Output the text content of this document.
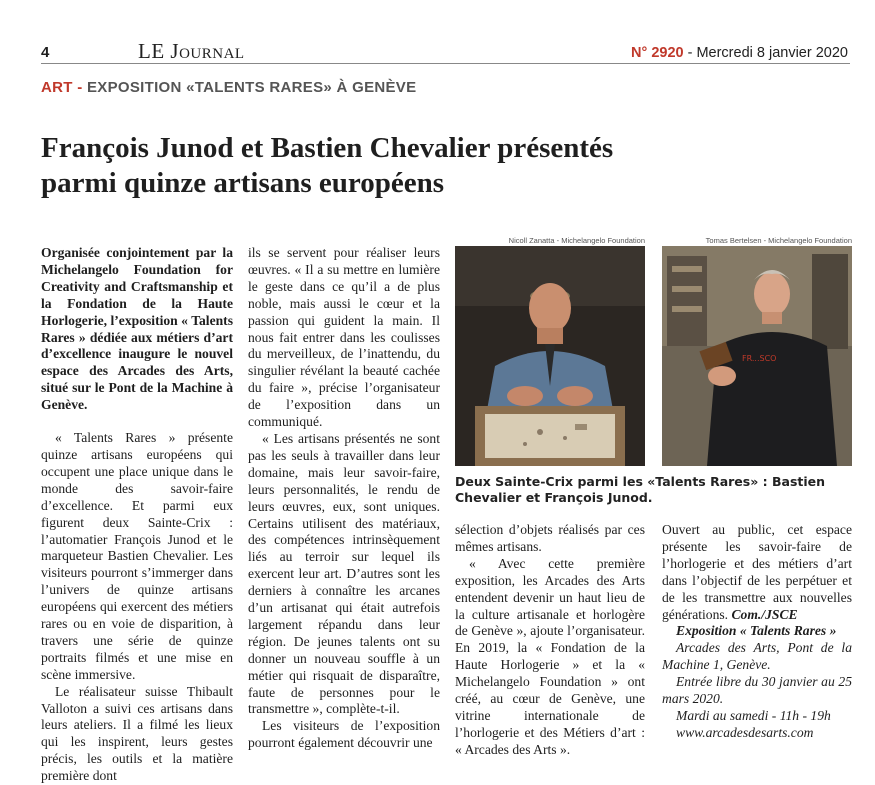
4	LE JOURNAL	N° 2920 - Mercredi 8 janvier 2020
ART - EXPOSITION «TALENTS RARES» À GENÈVE
François Junod et Bastien Chevalier présentés
parmi quinze artisans européens

Organisée conjointement par la Michelangelo Foundation for Creativity and Craftsmanship et la Fondation de la Haute Horlogerie, l’exposition « Talents Rares » dédiée aux métiers d’art d’excellence inaugure le nouvel espace des Arcades des Arts, situé sur le Pont de la Machine à Genève.

« Talents Rares » présente quinze artisans européens qui occupent une place unique dans le monde des savoir-faire d’excellence. Et parmi eux figurent deux Sainte-Crix : l’automatier François Junod et le marqueteur Bastien Chevalier. Les visiteurs pourront s’immerger dans l’univers de quinze artisans européens qui exercent des métiers rares ou en voie de disparition, à travers une série de quinze portraits filmés et une mise en scène immersive.

Le réalisateur suisse Thibault Valloton a suivi ces artisans dans leurs ateliers. Il a filmé les lieux qui les inspirent, leurs gestes précis, les outils et la matière première dont

ils se servent pour réaliser leurs œuvres. « Il a su mettre en lumière le geste dans ce qu’il a de plus noble, mais aussi le cœur et la passion qui guident la main. Il nous fait entrer dans les coulisses du merveilleux, de l’inattendu, du singulier révélant la beauté cachée du faire », précise l’organisateur de l’exposition dans un communiqué.

« Les artisans présentés ne sont pas les seuls à travailler dans leur domaine, mais leur savoir-faire, leurs personnalités, le rendu de leurs œuvres, eux, sont uniques. Certains utilisent des matériaux, des compétences intrinsèquement liés au terroir sur lequel ils exercent leur art. D’autres sont les derniers à connaître les arcanes d’un artisanat qui était autrefois largement répandu dans leur région. De jeunes talents ont su donner un nouveau souffle à un métier qui risquait de disparaître, faute de personnes pour le transmettre », complète-t-il.

Les visiteurs de l’exposition pourront également découvrir une

Nicoll Zanatta - Michelangelo Foundation	Tomas Bertelsen - Michelangelo Foundation
FR...SCO
Deux Sainte-Crix parmi les «Talents Rares» : Bastien Chevalier et François Junod.

sélection d’objets réalisés par ces mêmes artisans.

« Avec cette première exposition, les Arcades des Arts entendent devenir un haut lieu de la culture artisanale et horlogère de Genève », ajoute l’organisateur. En 2019, la « Fondation de la Haute Horlogerie » et la « Michelangelo Foundation » ont créé, au cœur de Genève, une vitrine internationale de l’horlogerie et des Métiers d’art : « Arcades des Arts ».

Ouvert au public, cet espace présente les savoir-faire de l’horlogerie et des métiers d’art dans l’objectif de les perpétuer et de les transmettre aux nouvelles générations. Com./JSCE

Exposition « Talents Rares »

Arcades des Arts, Pont de la Machine 1, Genève.

Entrée libre du 30 janvier au 25 mars 2020.

Mardi au samedi - 11h - 19h

www.arcadesdesarts.com
